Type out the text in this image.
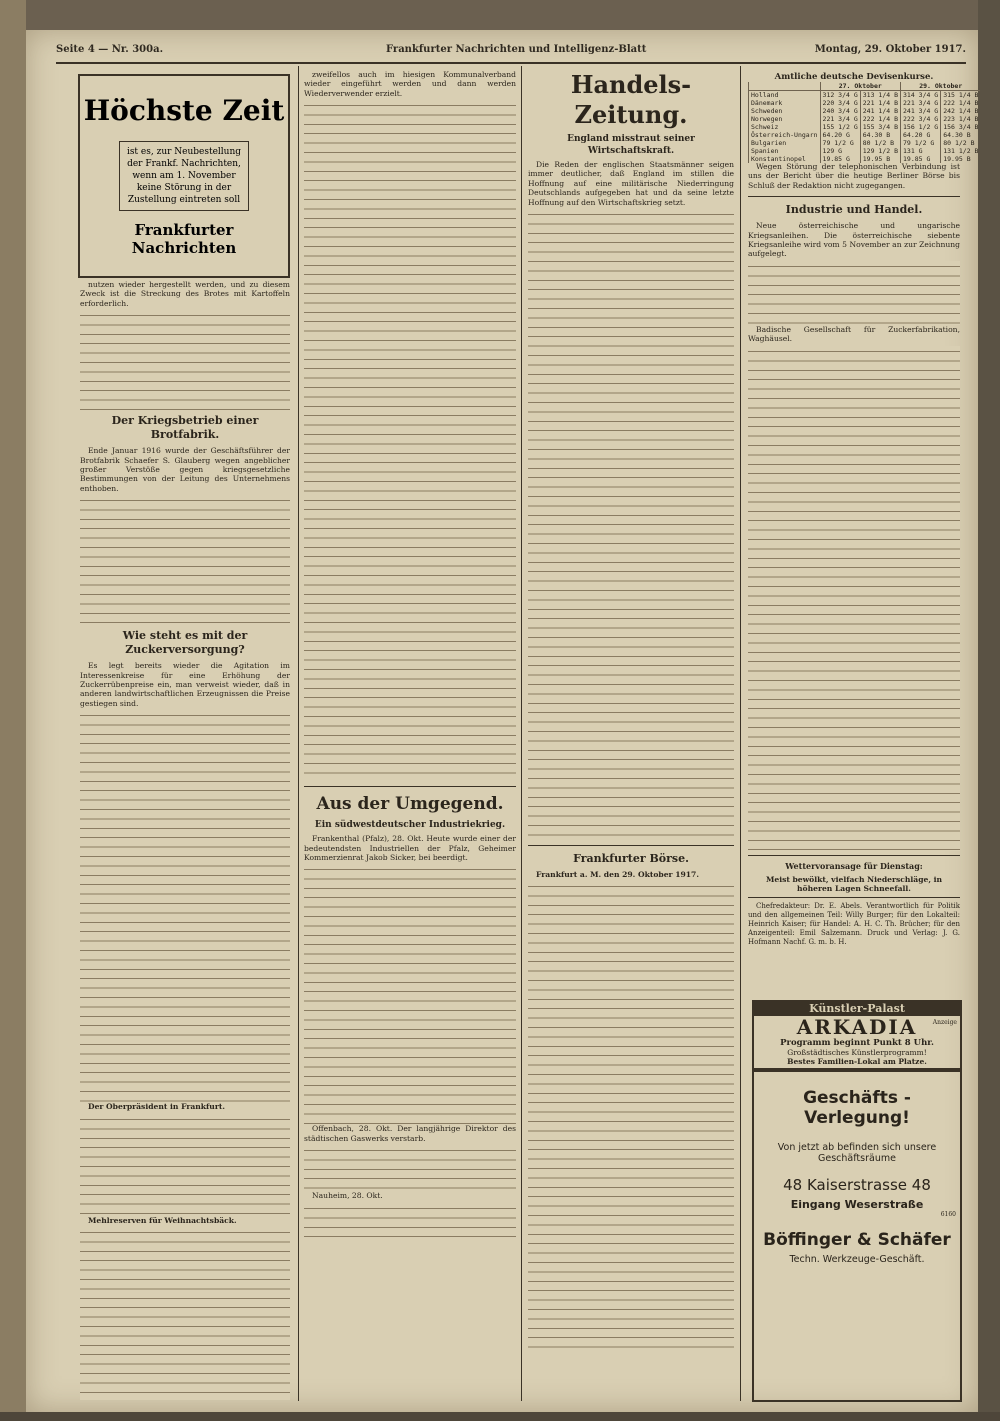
Seite 4 — Nr. 300a.	Frankfurter Nachrichten und Intelligenz-Blatt	Montag, 29. Oktober 1917.
Höchste Zeit
ist es, zur Neubestellung der Frankf. Nachrichten, wenn am 1. November keine Störung in der Zustellung eintreten soll
Frankfurter Nachrichten

nutzen wieder hergestellt werden, und zu diesem Zweck ist die Streckung des Brotes mit Kartoffeln erforderlich.

Der Kriegsbetrieb einer Brotfabrik.

Ende Januar 1916 wurde der Geschäftsführer der Brotfabrik Schaefer S. Glauberg wegen angeblicher großer Verstöße gegen kriegsgesetzliche Bestimmungen von der Leitung des Unternehmens enthoben.

Wie steht es mit der Zuckerversorgung?

Es legt bereits wieder die Agitation im Interessenkreise für eine Erhöhung der Zuckerrübenpreise ein, man verweist wieder, daß in anderen landwirtschaftlichen Erzeugnissen die Preise gestiegen sind.

Der Oberpräsident in Frankfurt.

Mehlreserven für Weihnachtsbäck.

zweifellos auch im hiesigen Kommunalverband wieder eingeführt werden und dann werden Wiederverwender erzielt.

Aus der Umgegend.
Ein südwestdeutscher Industriekrieg.

Frankenthal (Pfalz), 28. Okt. Heute wurde einer der bedeutendsten Industriellen der Pfalz, Geheimer Kommerzienrat Jakob Sicker, bei beerdigt.

Offenbach, 28. Okt. Der langjährige Direktor des städtischen Gaswerks verstarb.

Nauheim, 28. Okt.

Handels-Zeitung.
England misstraut seiner Wirtschaftskraft.

Die Reden der englischen Staatsmänner seigen immer deutlicher, daß England im stillen die Hoffnung auf eine militärische Niederringung Deutschlands aufgegeben hat und da seine letzte Hoffnung auf den Wirtschaftskrieg setzt.

Frankfurter Börse.

Frankfurt a. M. den 29. Oktober 1917.

Amtliche deutsche Devisenkurse.
	27. Oktober		29. Oktober	
Holland	312 3/4 G	313 1/4 B	314 3/4 G	315 1/4 B
Dänemark	220 3/4 G	221 1/4 B	221 3/4 G	222 1/4 B
Schweden	240 3/4 G	241 1/4 B	241 3/4 G	242 1/4 B
Norwegen	221 3/4 G	222 1/4 B	222 3/4 G	223 1/4 B
Schweiz	155 1/2 G	155 3/4 B	156 1/2 G	156 3/4 B
Österreich-Ungarn	64.20 G	64.30 B	64.20 G	64.30 B
Bulgarien	79 1/2 G	80 1/2 B	79 1/2 G	80 1/2 B
Spanien	129 G	129 1/2 B	131 G	131 1/2 B
Konstantinopel	19.85 G	19.95 B	19.85 G	19.95 B

Wegen Störung der telephonischen Verbindung ist uns der Bericht über die heutige Berliner Börse bis Schluß der Redaktion nicht zugegangen.

Industrie und Handel.

Neue österreichische und ungarische Kriegsanleihen. Die österreichische siebente Kriegsanleihe wird vom 5 November an zur Zeichnung aufgelegt.

Badische Gesellschaft für Zuckerfabrikation, Waghäusel.

Wettervoransage für Dienstag:

Meist bewölkt, vielfach Niederschläge, in höheren Lagen Schneefall.

Chefredakteur: Dr. E. Abels. Verantwortlich für Politik und den allgemeinen Teil: Willy Burger; für den Lokalteil: Heinrich Kaiser; für Handel: A. H. C. Th. Brücher; für den Anzeigenteil: Emil Salzemann. Druck und Verlag: J. G. Hofmann Nachf. G. m. b. H.

Künstler-Palast
ARKADIA	Anzeige
Programm beginnt Punkt 8 Uhr.
Großstädtisches Künstlerprogramm!
Bestes Familien-Lokal am Platze.
Geschäfts - Verlegung!
Von jetzt ab befinden sich unsere
Geschäftsräume
48 Kaiserstrasse 48
Eingang Weserstraße
6160
Böffinger & Schäfer
Techn. Werkzeuge-Geschäft.
